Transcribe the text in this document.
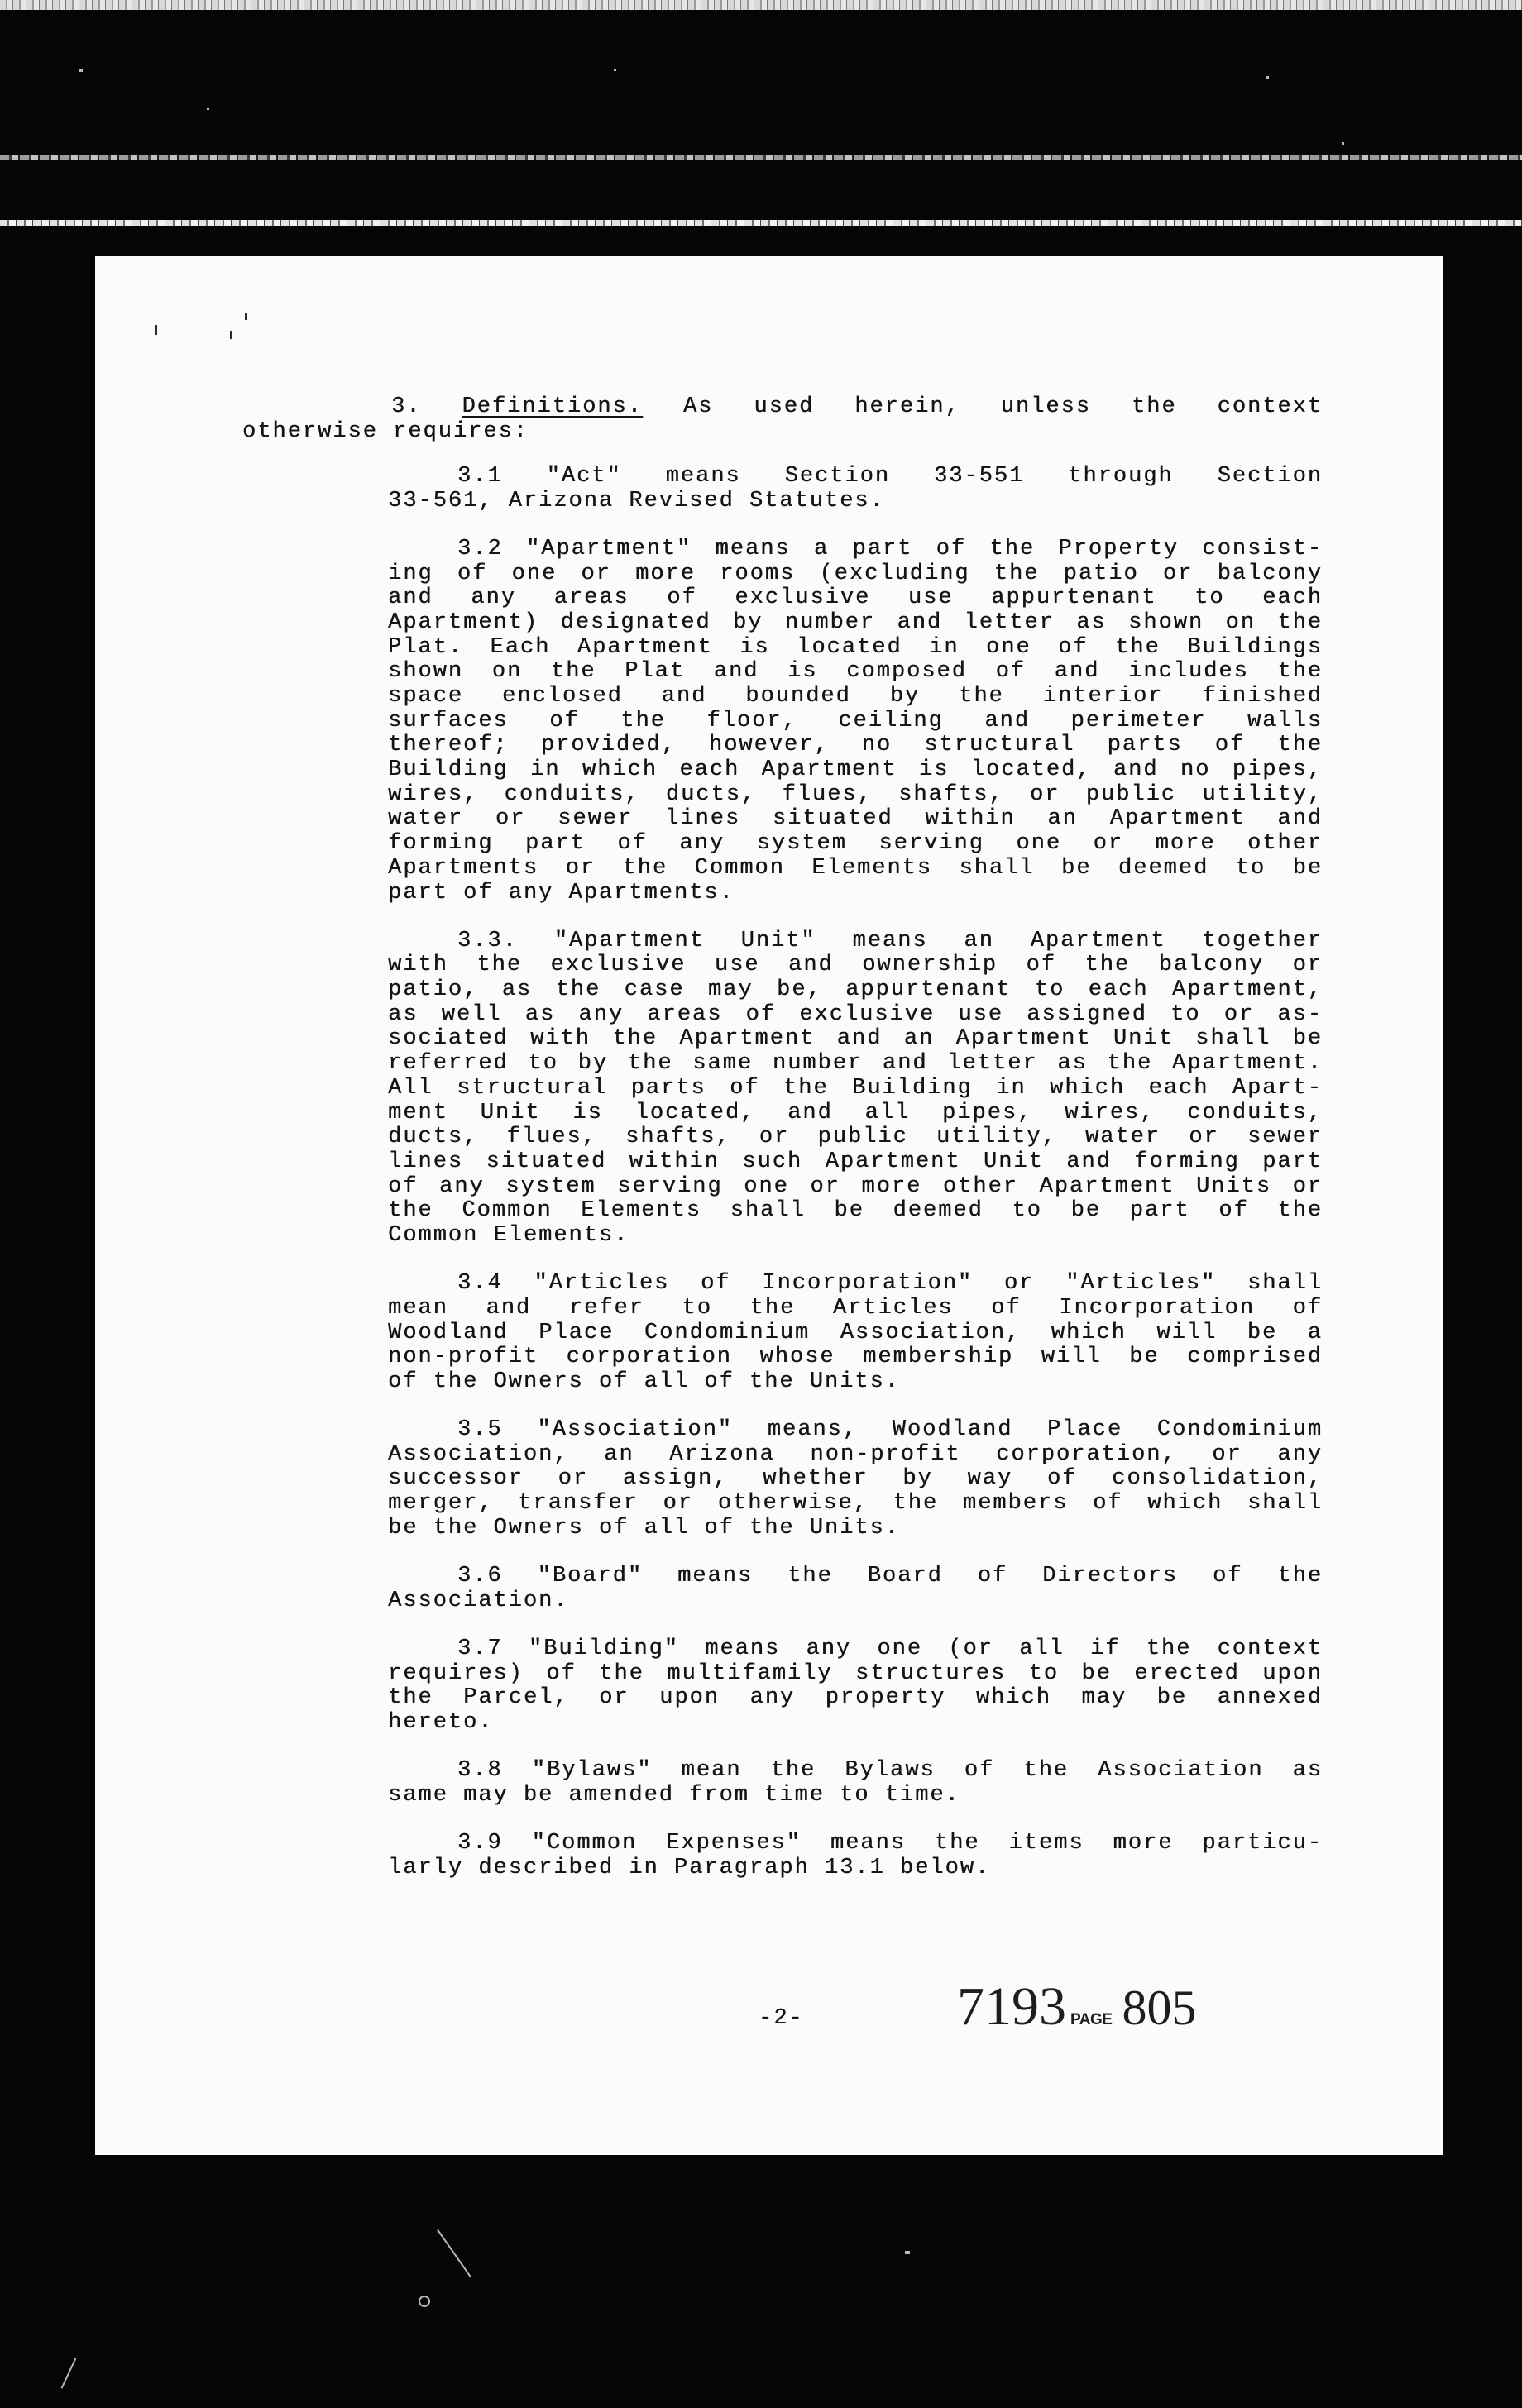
3. Definitions. As used herein, unless the context
otherwise requires:
3.1 "Act" means Section 33-551 through Section
33-561, Arizona Revised Statutes.
3.2 "Apartment" means a part of the Property consist-
ing of one or more rooms (excluding the patio or balcony
and any areas of exclusive use appurtenant to each
Apartment) designated by number and letter as shown on the
Plat. Each Apartment is located in one of the Buildings
shown on the Plat and is composed of and includes the
space enclosed and bounded by the interior finished
surfaces of the floor, ceiling and perimeter walls
thereof; provided, however, no structural parts of the
Building in which each Apartment is located, and no pipes,
wires, conduits, ducts, flues, shafts, or public utility,
water or sewer lines situated within an Apartment and
forming part of any system serving one or more other
Apartments or the Common Elements shall be deemed to be
part of any Apartments.
3.3. "Apartment Unit" means an Apartment together
with the exclusive use and ownership of the balcony or
patio, as the case may be, appurtenant to each Apartment,
as well as any areas of exclusive use assigned to or as-
sociated with the Apartment and an Apartment Unit shall be
referred to by the same number and letter as the Apartment.
All structural parts of the Building in which each Apart-
ment Unit is located, and all pipes, wires, conduits,
ducts, flues, shafts, or public utility, water or sewer
lines situated within such Apartment Unit and forming part
of any system serving one or more other Apartment Units or
the Common Elements shall be deemed to be part of the
Common Elements.
3.4 "Articles of Incorporation" or "Articles" shall
mean and refer to the Articles of Incorporation of
Woodland Place Condominium Association, which will be a
non-profit corporation whose membership will be comprised
of the Owners of all of the Units.
3.5 "Association" means, Woodland Place Condominium
Association, an Arizona non-profit corporation, or any
successor or assign, whether by way of consolidation,
merger, transfer or otherwise, the members of which shall
be the Owners of all of the Units.
3.6 "Board" means the Board of Directors of the
Association.
3.7 "Building" means any one (or all if the context
requires) of the multifamily structures to be erected upon
the Parcel, or upon any property which may be annexed
hereto.
3.8 "Bylaws" mean the Bylaws of the Association as
same may be amended from time to time.
3.9 "Common Expenses" means the items more particu-
larly described in Paragraph 13.1 below.
-2-	7193 PAGE 805
